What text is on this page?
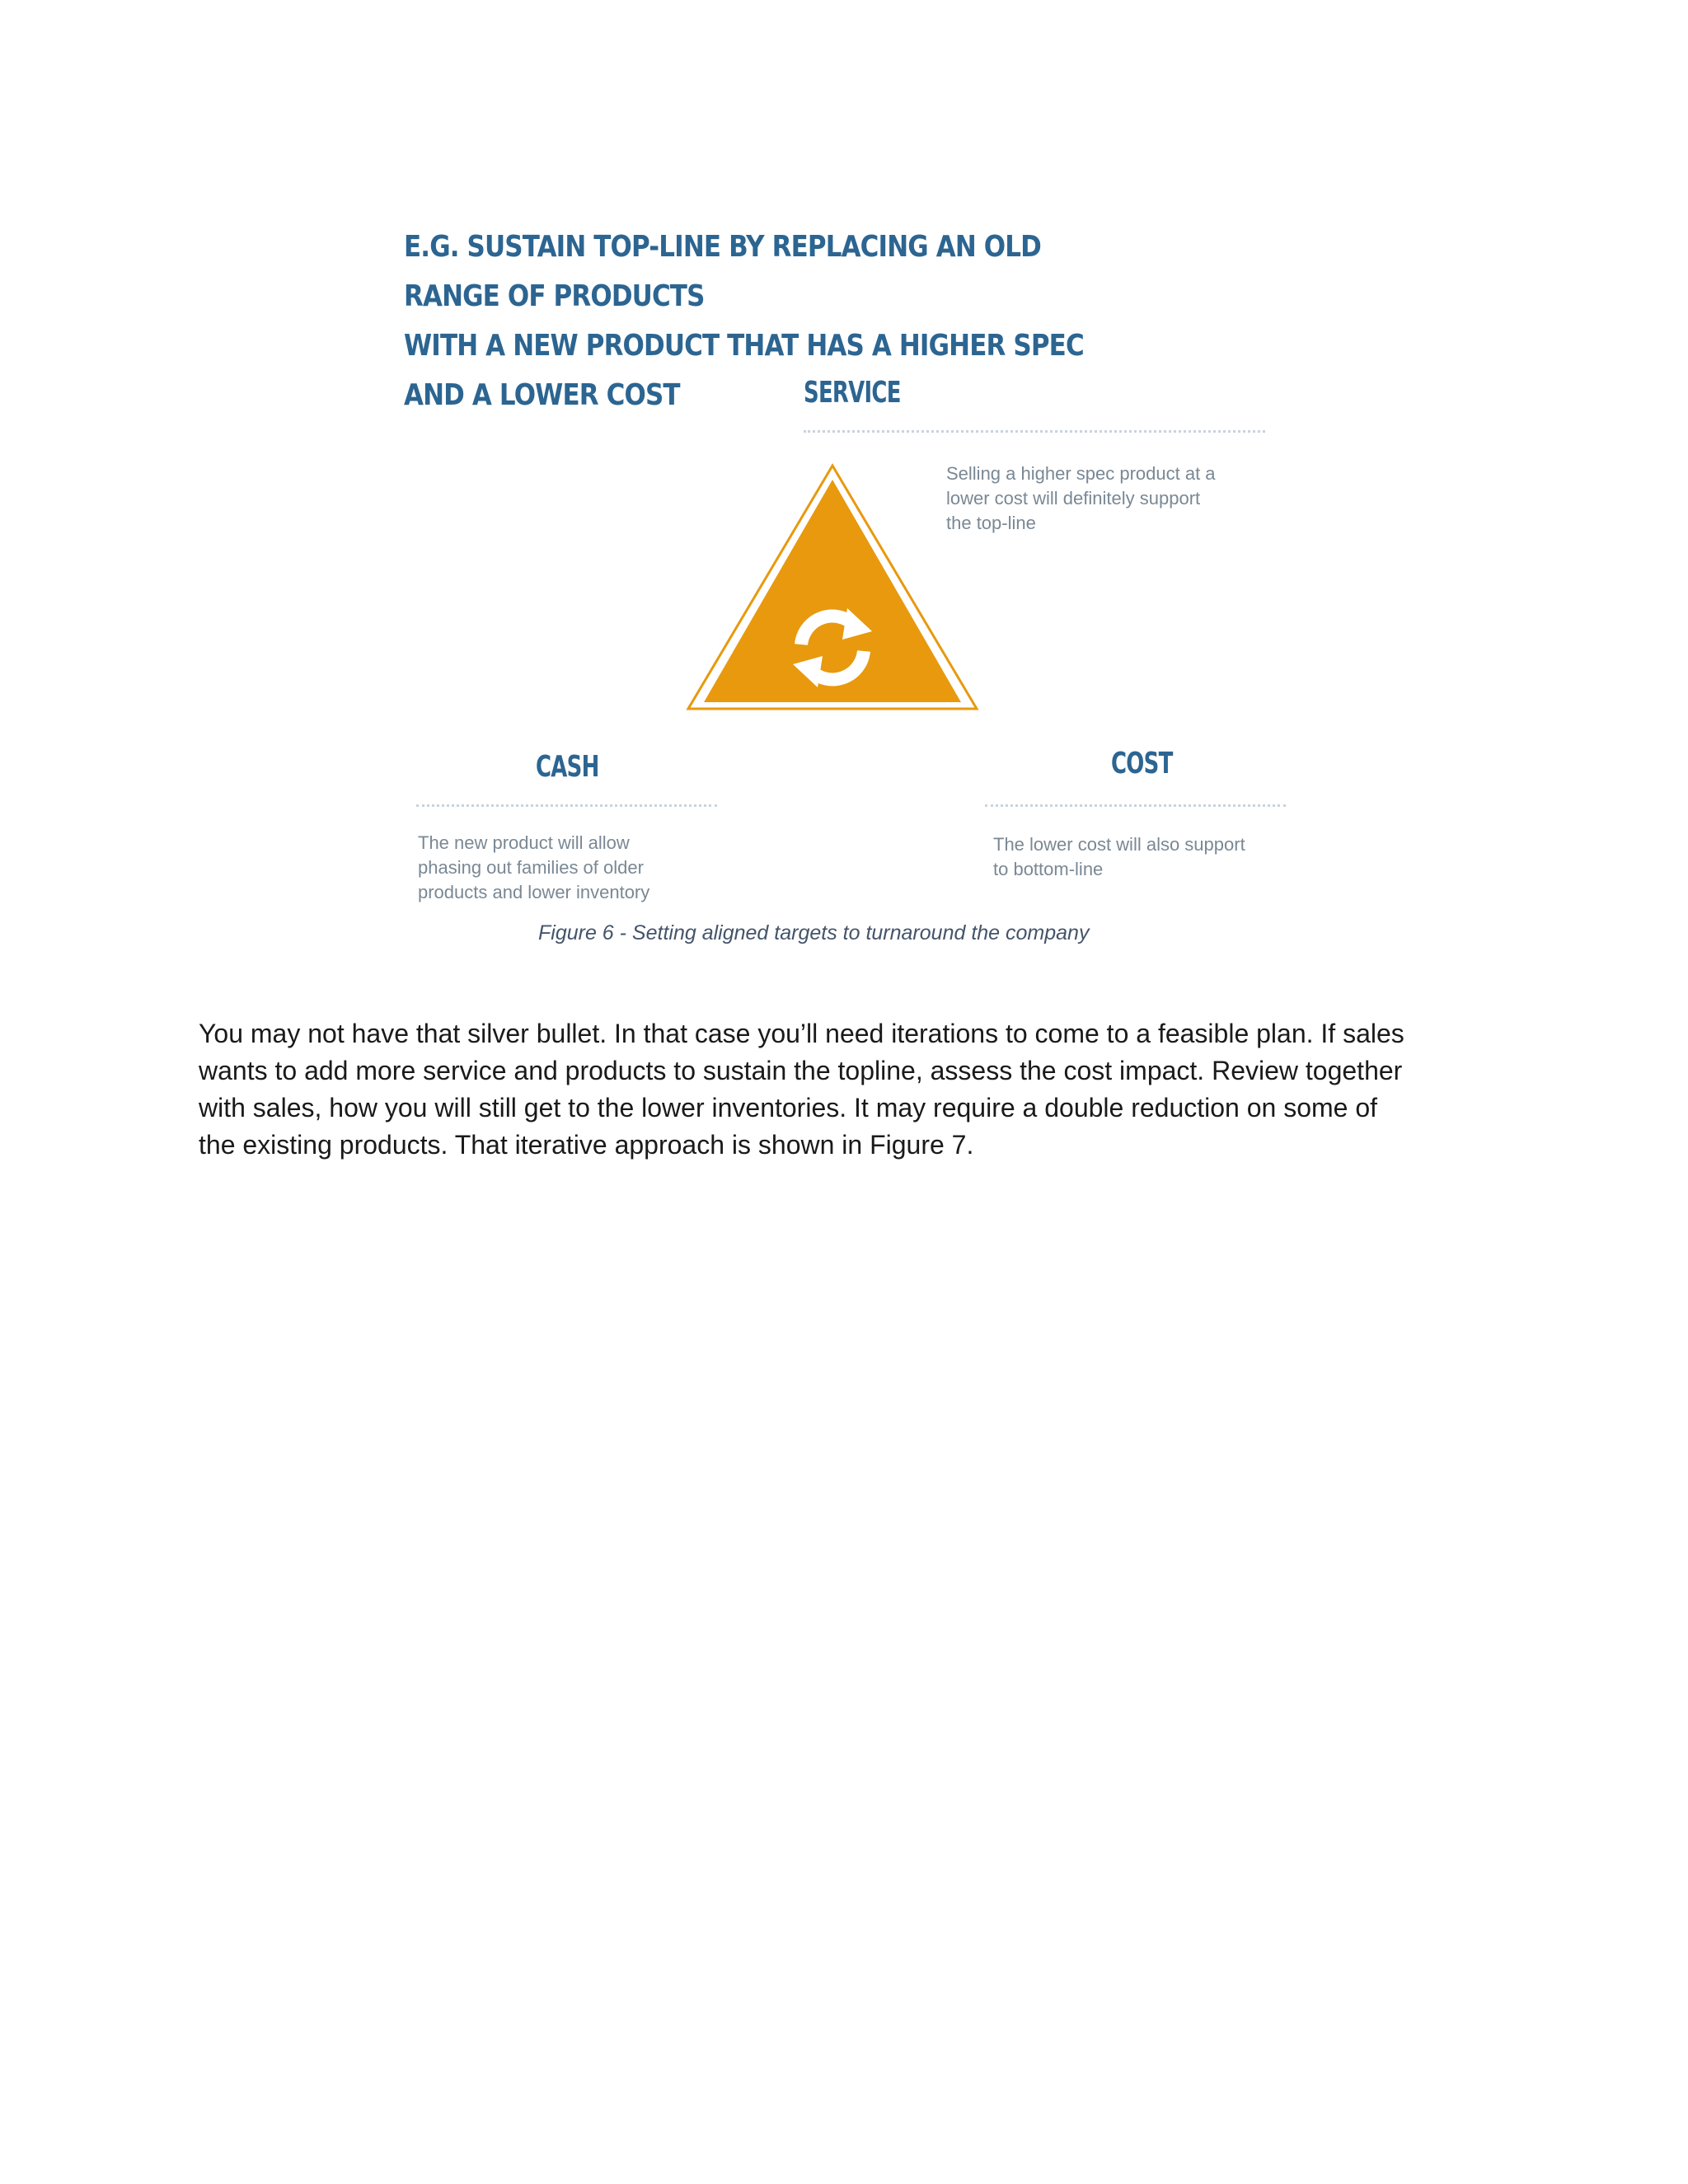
E.G. SUSTAIN TOP-LINE BY REPLACING AN OLD RANGE OF PRODUCTS
WITH A NEW PRODUCT THAT HAS A HIGHER SPEC AND A LOWER COST	SERVICE
Selling a higher spec product at a
lower cost will definitely support
the top-line
CASH
The new product will allow
phasing out families of older
products and lower inventory
COST
The lower cost will also support
to bottom-line
Figure 6 - Setting aligned targets to turnaround the company
You may not have that silver bullet. In that case you’ll need iterations to come to a feasible plan. If sales
wants to add more service and products to sustain the topline, assess the cost impact. Review together
with sales, how you will still get to the lower inventories. It may require a double reduction on some of
the existing products. That iterative approach is shown in Figure 7.
